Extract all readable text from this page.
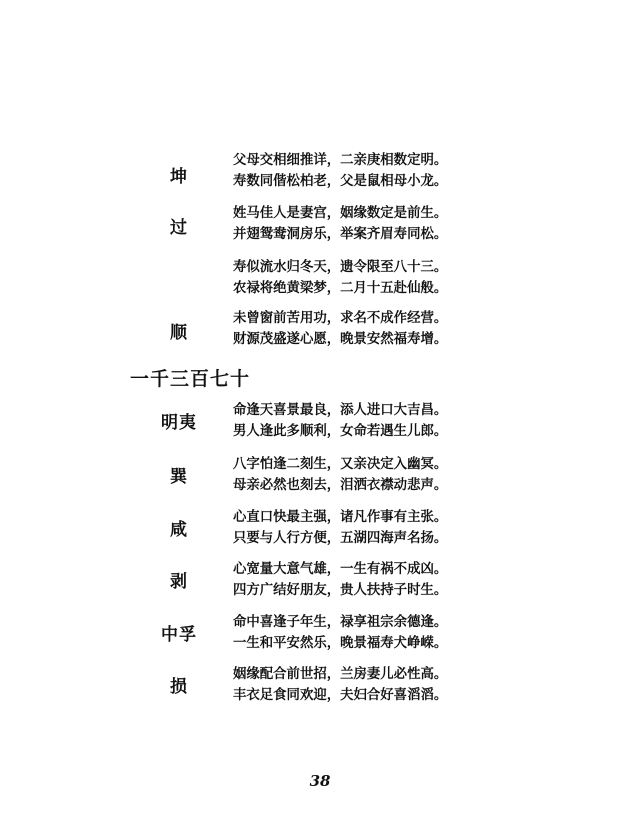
坤
父母交相细推详，二亲庚相数定明。
寿数同偕松柏老，父是鼠相母小龙。
过
姓马佳人是妻宫，姻缘数定是前生。
并翅鸳鸯洞房乐，举案齐眉寿同松。
寿似流水归冬天，遗令限至八十三。
农禄将绝黄梁梦，二月十五赴仙般。
顺
未曾窗前苦用功，求名不成作经营。
财源茂盛遂心愿，晚景安然福寿增。
一千三百七十
明夷
命逢天喜景最良，添人进口大吉昌。
男人逢此多顺利，女命若遇生儿郎。
巽
八字怕逢二刻生，又亲决定入幽冥。
母亲必然也刻去，泪洒衣襟动悲声。
咸
心直口快最主强，诸凡作事有主张。
只要与人行方便，五湖四海声名扬。
剥
心宽量大意气雄，一生有祸不成凶。
四方广结好朋友，贵人扶持子时生。
中孚
命中喜逢子年生，禄享祖宗余德逢。
一生和平安然乐，晚景福寿犬峥嵘。
损
姻缘配合前世招，兰房妻儿必性高。
丰衣足食同欢迎，夫妇合好喜滔滔。
38
